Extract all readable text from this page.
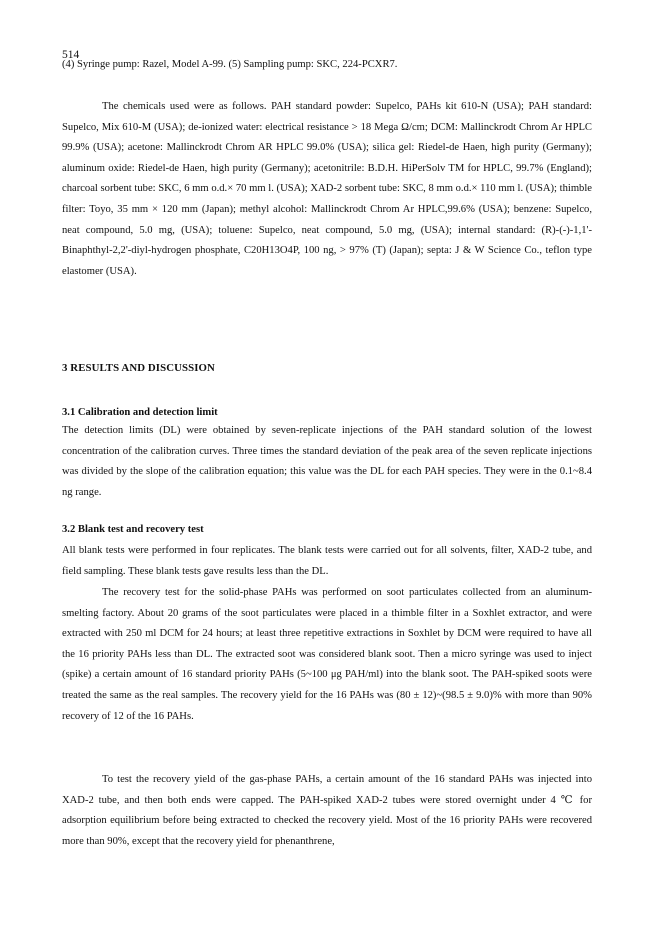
514

(4) Syringe pump: Razel, Model A-99. (5) Sampling pump: SKC, 224-PCXR7.

The chemicals used were as follows. PAH standard powder: Supelco, PAHs kit 610-N (USA); PAH standard: Supelco, Mix 610-M (USA); de-ionized water: electrical resistance > 18 Mega Ω/cm; DCM: Mallinckrodt Chrom Ar HPLC 99.9% (USA); acetone: Mallinckrodt Chrom AR HPLC 99.0% (USA); silica gel: Riedel-de Haen, high purity (Germany); aluminum oxide: Riedel-de Haen, high purity (Germany); acetonitrile: B.D.H. HiPerSolv TM for HPLC, 99.7% (England); charcoal sorbent tube: SKC, 6 mm o.d.× 70 mm l. (USA); XAD-2 sorbent tube: SKC, 8 mm o.d.× 110 mm l. (USA); thimble filter: Toyo, 35 mm × 120 mm (Japan); methyl alcohol: Mallinckrodt Chrom Ar HPLC,99.6% (USA); benzene: Supelco, neat compound, 5.0 mg, (USA); toluene: Supelco, neat compound, 5.0 mg, (USA); internal standard: (R)-(-)-1,1'-Binaphthyl-2,2'-diyl-hydrogen phosphate, C20H13O4P, 100 ng, > 97% (T) (Japan); septa: J & W Science Co., teflon type elastomer (USA).

3 RESULTS AND DISCUSSION
3.1 Calibration and detection limit

The detection limits (DL) were obtained by seven-replicate injections of the PAH standard solution of the lowest concentration of the calibration curves. Three times the standard deviation of the peak area of the seven replicate injections was divided by the slope of the calibration equation; this value was the DL for each PAH species. They were in the 0.1~8.4 ng range.

3.2 Blank test and recovery test

All blank tests were performed in four replicates. The blank tests were carried out for all solvents, filter, XAD-2 tube, and field sampling. These blank tests gave results less than the DL.

The recovery test for the solid-phase PAHs was performed on soot particulates collected from an aluminum-smelting factory. About 20 grams of the soot particulates were placed in a thimble filter in a Soxhlet extractor, and were extracted with 250 ml DCM for 24 hours; at least three repetitive extractions in Soxhlet by DCM were required to have all the 16 priority PAHs less than DL. The extracted soot was considered blank soot. Then a micro syringe was used to inject (spike) a certain amount of 16 standard priority PAHs (5~100 μg PAH/ml) into the blank soot. The PAH-spiked soots were treated the same as the real samples. The recovery yield for the 16 PAHs was (80 ± 12)~(98.5 ± 9.0)% with more than 90% recovery of 12 of the 16 PAHs.

To test the recovery yield of the gas-phase PAHs, a certain amount of the 16 standard PAHs was injected into XAD-2 tube, and then both ends were capped. The PAH-spiked XAD-2 tubes were stored overnight under 4 ℃ for adsorption equilibrium before being extracted to checked the recovery yield. Most of the 16 priority PAHs were recovered more than 90%, except that the recovery yield for phenanthrene,
